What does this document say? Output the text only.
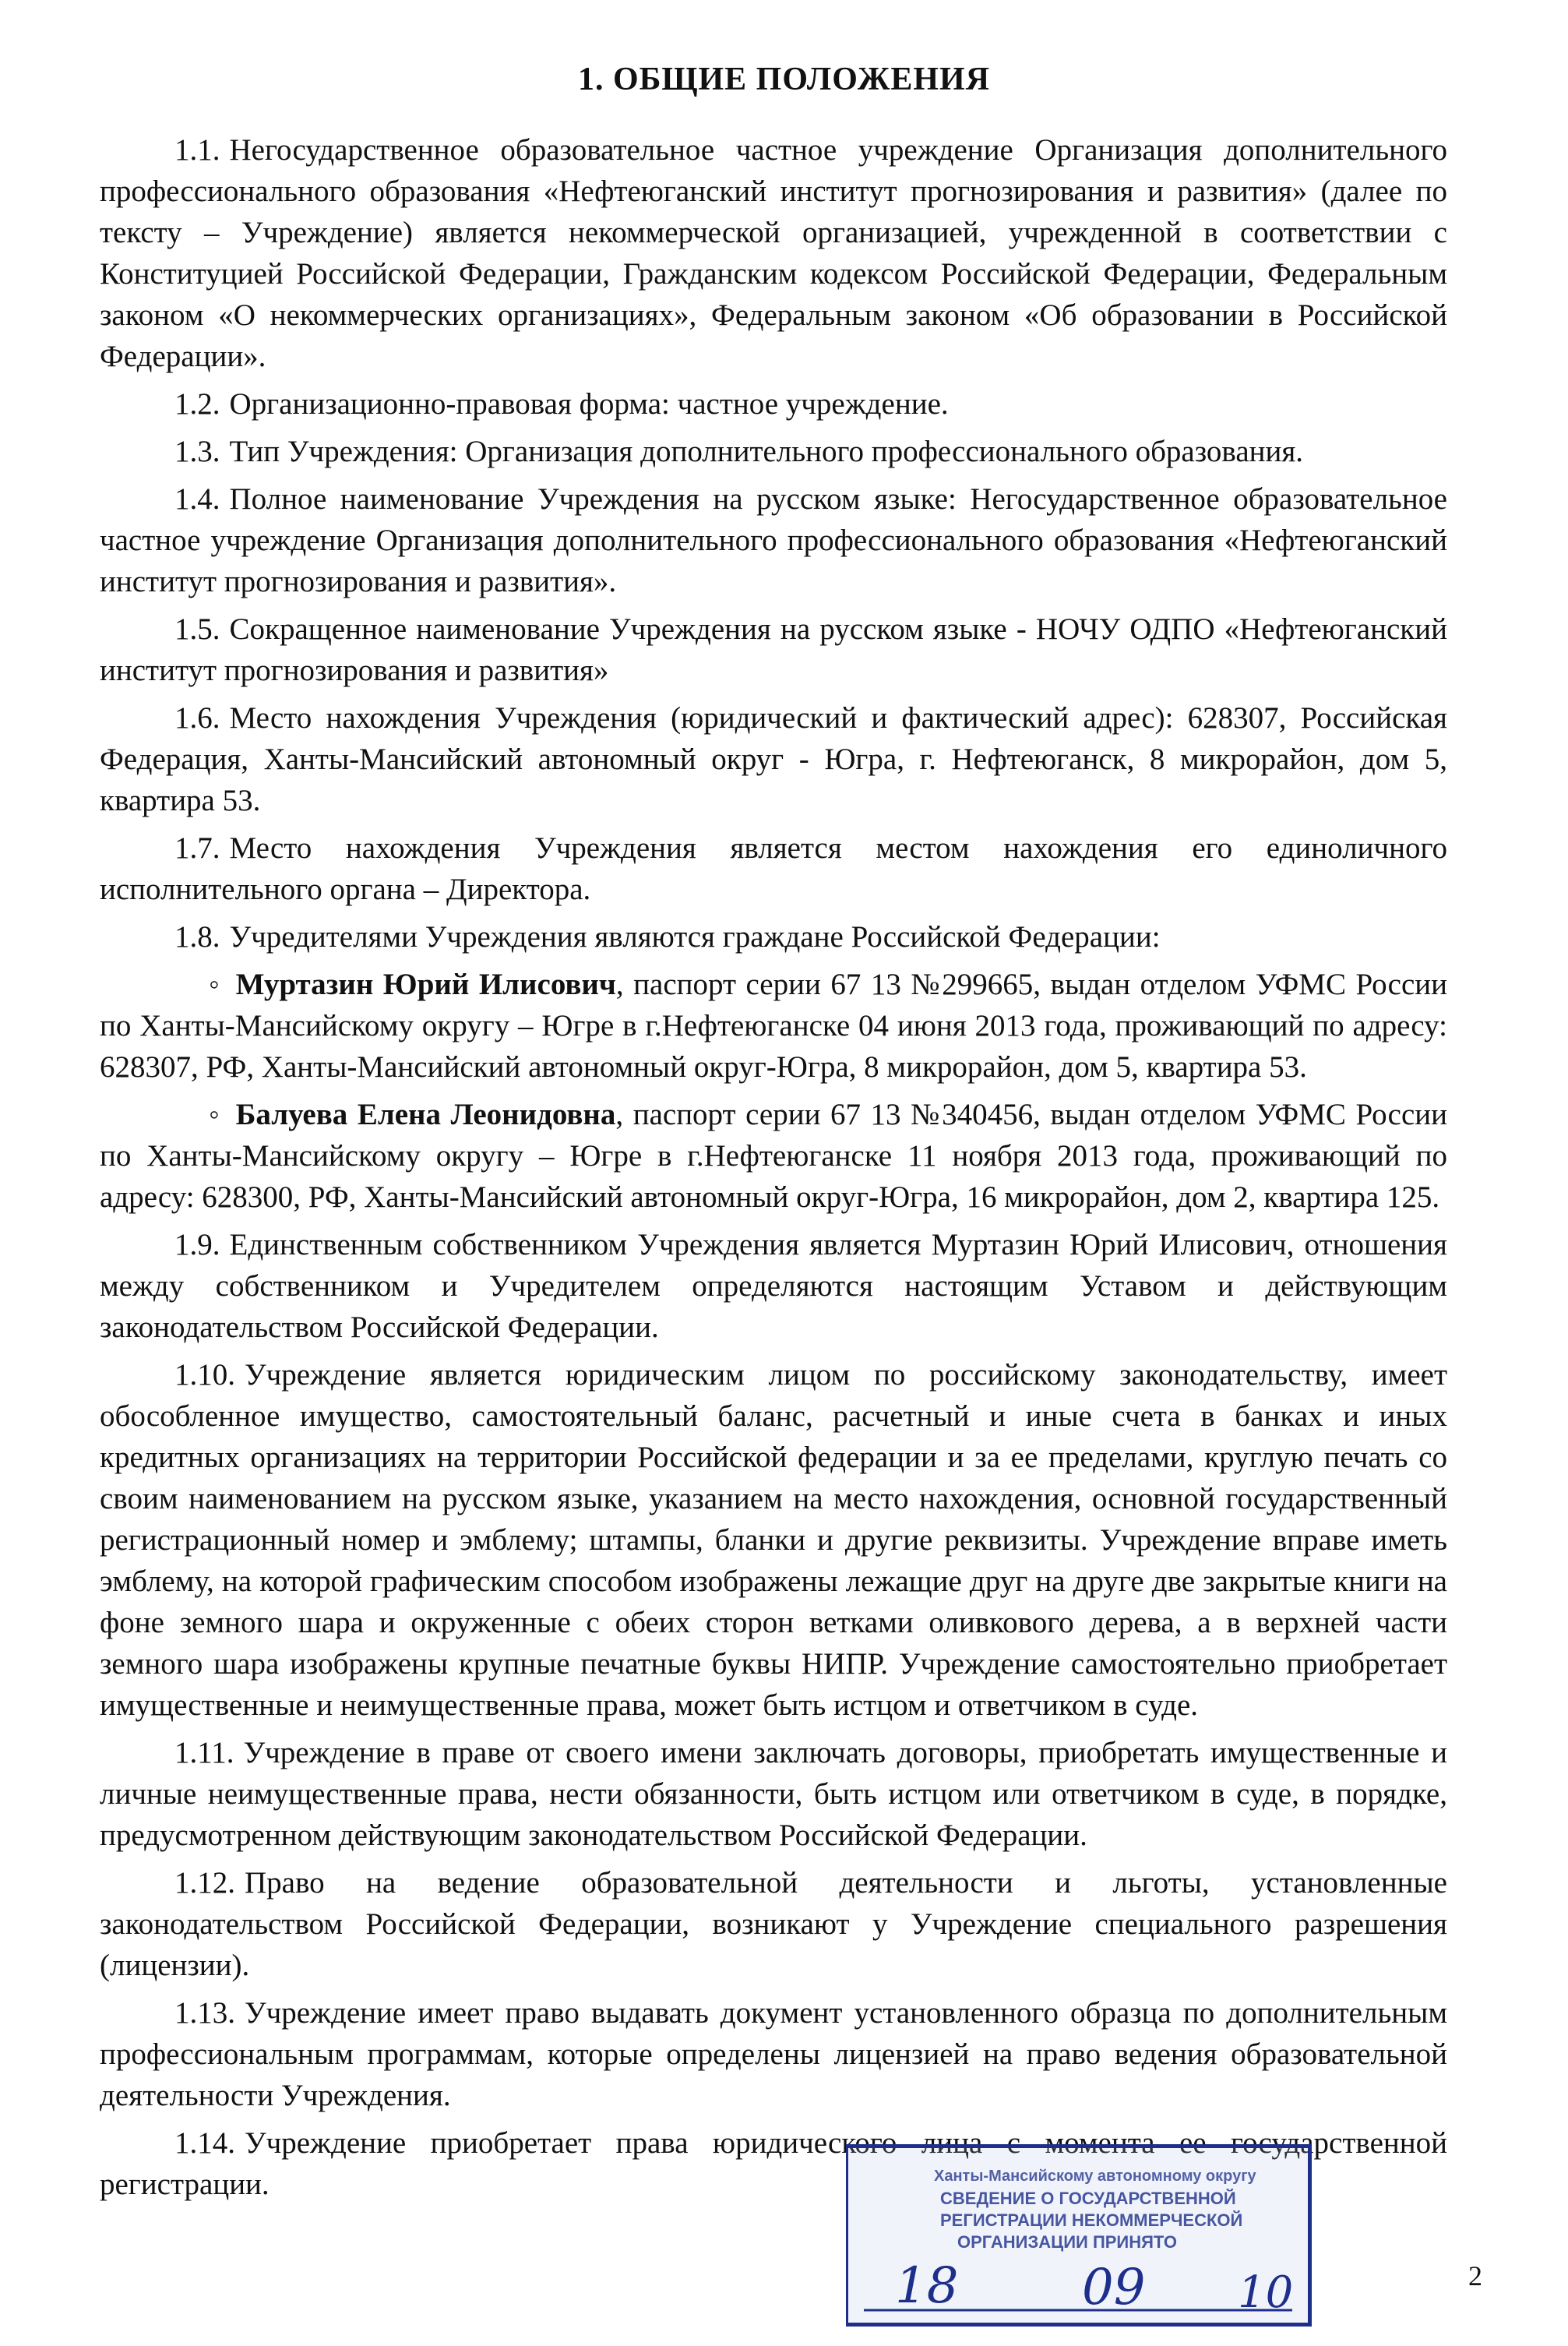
1. ОБЩИЕ ПОЛОЖЕНИЯ

1.1. Негосударственное образовательное частное учреждение Организация дополнительного профессионального образования «Нефтеюганский институт прогнозирования и развития» (далее по тексту – Учреждение) является некоммерческой организацией, учрежденной в соответствии с Конституцией Российской Федерации, Гражданским кодексом Российской Федерации, Федеральным законом «О некоммерческих организациях», Федеральным законом «Об образовании в Российской Федерации».

1.2. Организационно-правовая форма: частное учреждение.

1.3. Тип Учреждения: Организация дополнительного профессионального образования.

1.4. Полное наименование Учреждения на русском языке: Негосударственное образовательное частное учреждение Организация дополнительного профессионального образования «Нефтеюганский институт прогнозирования и развития».

1.5. Сокращенное наименование Учреждения на русском языке - НОЧУ ОДПО «Нефтеюганский институт прогнозирования и развития»

1.6. Место нахождения Учреждения (юридический и фактический адрес): 628307, Российская Федерация, Ханты-Мансийский автономный округ - Югра, г. Нефтеюганск, 8 микрорайон, дом 5, квартира 53.

1.7. Место нахождения Учреждения является местом нахождения его единоличного исполнительного органа – Директора.

1.8. Учредителями Учреждения являются граждане Российской Федерации:

◦ Муртазин Юрий Илисович, паспорт серии 67 13 №299665, выдан отделом УФМС России по Ханты-Мансийскому округу – Югре в г.Нефтеюганске 04 июня 2013 года, проживающий по адресу: 628307, РФ, Ханты-Мансийский автономный округ-Югра, 8 микрорайон, дом 5, квартира 53.

◦ Балуева Елена Леонидовна, паспорт серии 67 13 №340456, выдан отделом УФМС России по Ханты-Мансийскому округу – Югре в г.Нефтеюганске 11 ноября 2013 года, проживающий по адресу: 628300, РФ, Ханты-Мансийский автономный округ-Югра, 16 микрорайон, дом 2, квартира 125.

1.9. Единственным собственником Учреждения является Муртазин Юрий Илисович, отношения между собственником и Учредителем определяются настоящим Уставом и действующим законодательством Российской Федерации.

1.10. Учреждение является юридическим лицом по российскому законодательству, имеет обособленное имущество, самостоятельный баланс, расчетный и иные счета в банках и иных кредитных организациях на территории Российской федерации и за ее пределами, круглую печать со своим наименованием на русском языке, указанием на место нахождения, основной государственный регистрационный номер и эмблему; штампы, бланки и другие реквизиты. Учреждение вправе иметь эмблему, на которой графическим способом изображены лежащие друг на друге две закрытые книги на фоне земного шара и окруженные с обеих сторон ветками оливкового дерева, а в верхней части земного шара изображены крупные печатные буквы НИПР. Учреждение самостоятельно приобретает имущественные и неимущественные права, может быть истцом и ответчиком в суде.

1.11. Учреждение в праве от своего имени заключать договоры, приобретать имущественные и личные неимущественные права, нести обязанности, быть истцом или ответчиком в суде, в порядке, предусмотренном действующим законодательством Российской Федерации.

1.12. Право на ведение образовательной деятельности и льготы, установленные законодательством Российской Федерации, возникают у Учреждение специального разрешения (лицензии).

1.13. Учреждение имеет право выдавать документ установленного образца по дополнительным профессиональным программам, которые определены лицензией на право ведения образовательной деятельности Учреждения.

1.14. Учреждение приобретает права юридического лица с момента ее государственной регистрации.	Ханты-Мансийскому автономному округу
СВЕДЕНИЕ О ГОСУДАРСТВЕННОЙ
РЕГИСТРАЦИИ НЕКОММЕРЧЕСКОЙ
ОРГАНИЗАЦИИ ПРИНЯТО
18 09 10	2
